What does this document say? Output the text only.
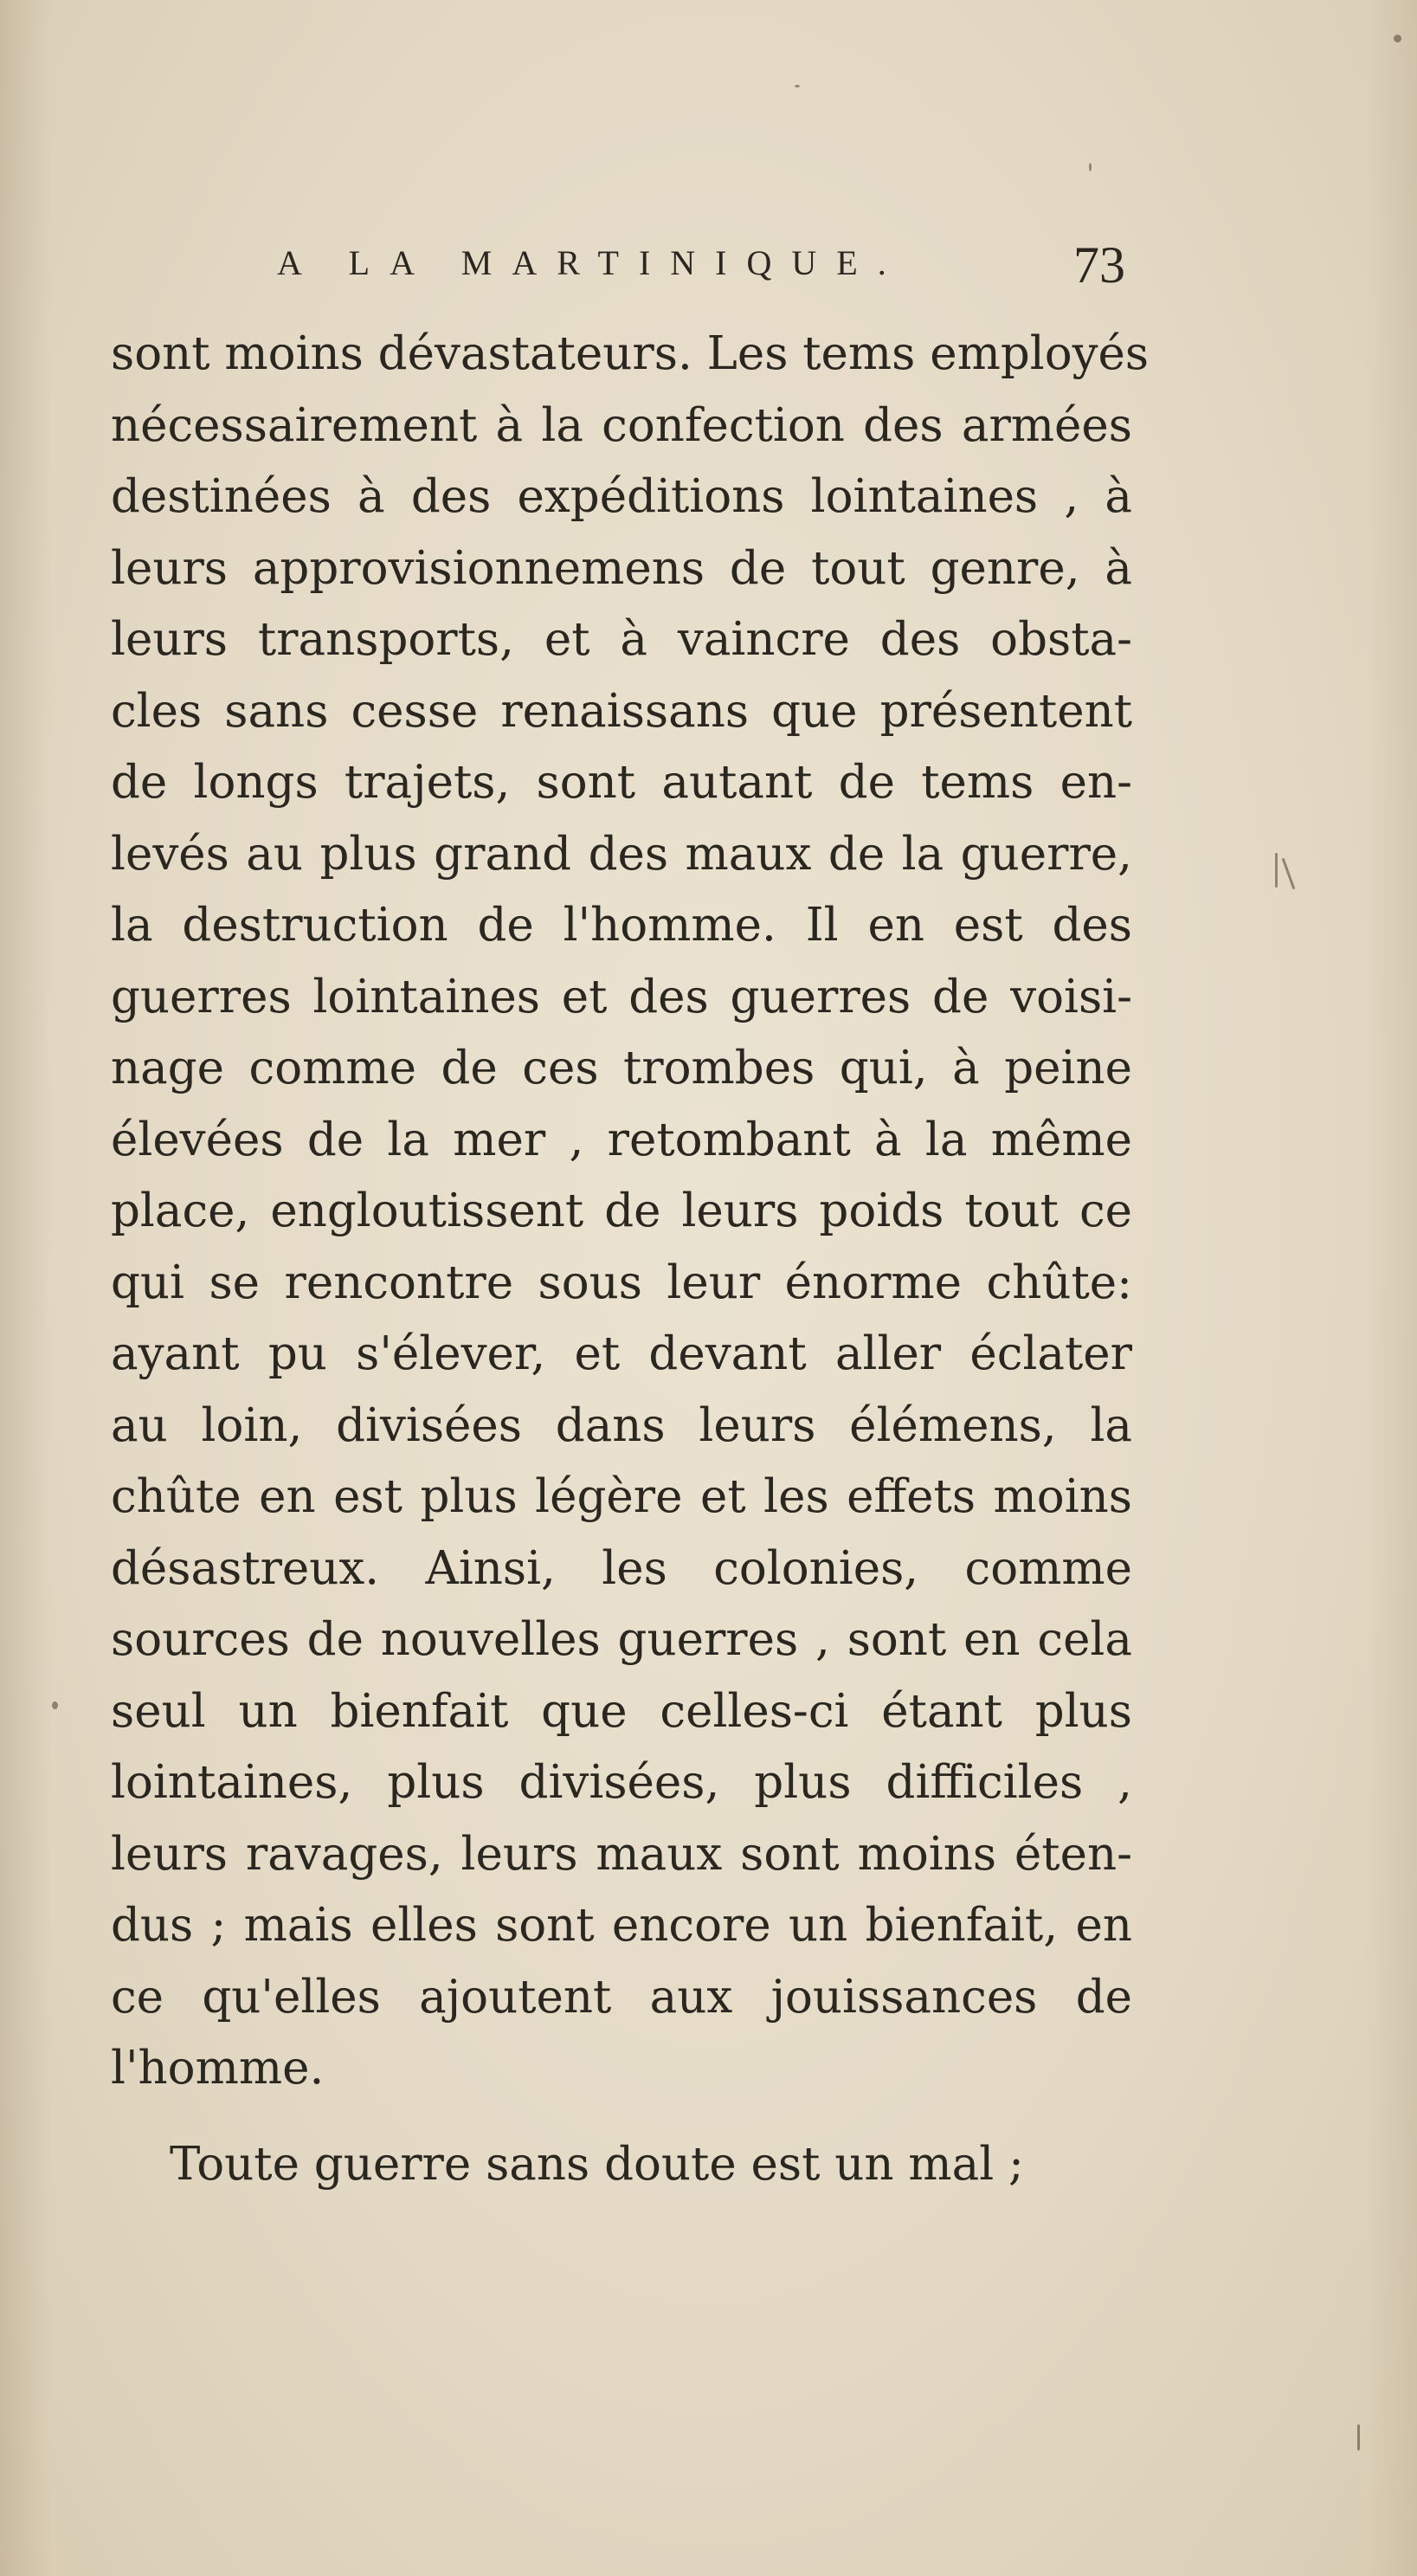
A LA MARTINIQUE.	73
sont moins dévastateurs. Les tems employés
nécessairement à la confection des armées
destinées à des expéditions lointaines , à
leurs approvisionnemens de tout genre, à
leurs transports, et à vaincre des obsta-
cles sans cesse renaissans que présentent
de longs trajets, sont autant de tems en-
levés au plus grand des maux de la guerre,
la destruction de l'homme. Il en est des
guerres lointaines et des guerres de voisi-
nage comme de ces trombes qui, à peine
élevées de la mer , retombant à la même
place, engloutissent de leurs poids tout ce
qui se rencontre sous leur énorme chûte:
ayant pu s'élever, et devant aller éclater
au loin, divisées dans leurs élémens, la
chûte en est plus légère et les effets moins
désastreux. Ainsi, les colonies, comme
sources de nouvelles guerres , sont en cela
seul un bienfait que celles-ci étant plus
lointaines, plus divisées, plus difficiles ,
leurs ravages, leurs maux sont moins éten-
dus ; mais elles sont encore un bienfait, en
ce qu'elles ajoutent aux jouissances de
l'homme.
Toute guerre sans doute est un mal ;
